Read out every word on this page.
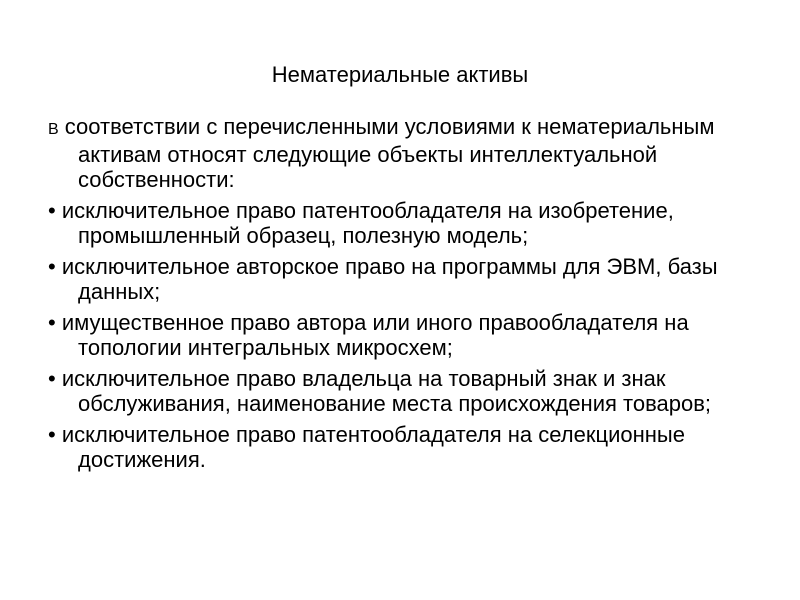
Нематериальные активы
В соответствии с перечисленными условиями к нематериальным активам относят следующие объекты интеллектуальной собственности:
• исключительное право патентообладателя на изобретение, промышленный образец, полезную модель;
• исключительное авторское право на программы для ЭВМ, базы данных;
• имущественное право автора или иного правообладателя на топологии интегральных микросхем;
• исключительное право владельца на товарный знак и знак обслуживания, наименование места происхождения товаров;
• исключительное право патентообладателя на селекционные достижения.
